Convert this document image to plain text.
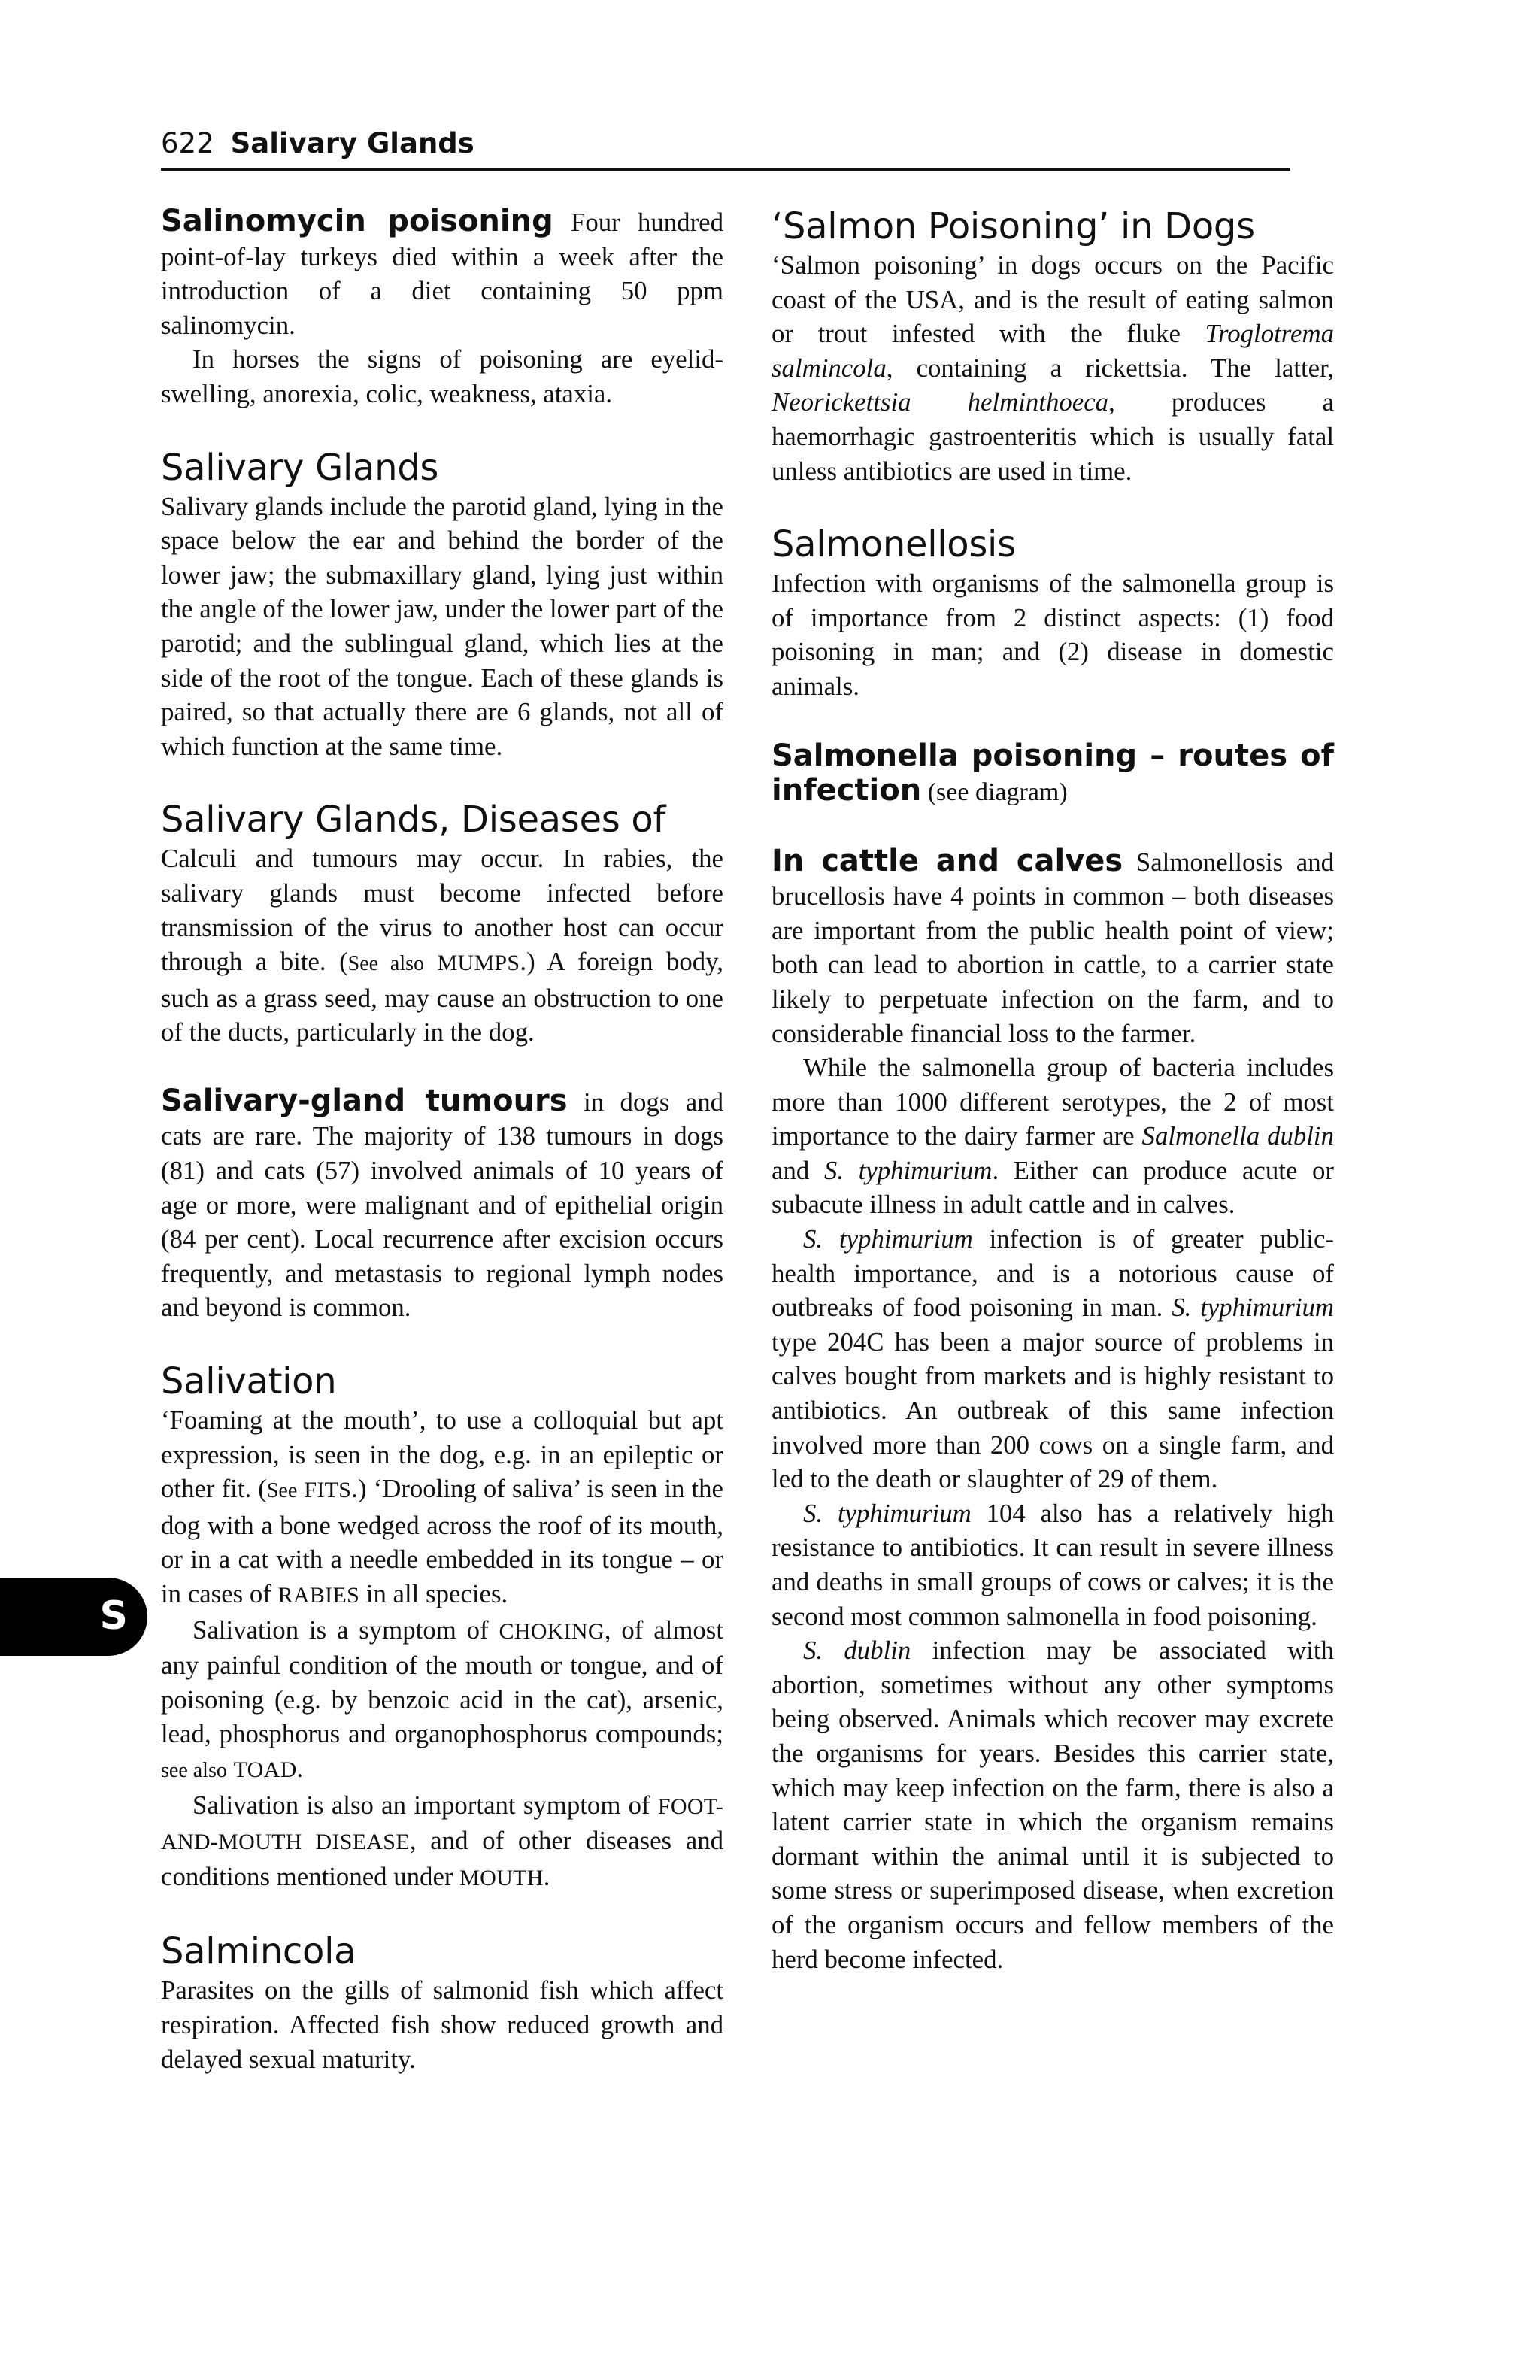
622 Salivary Glands
S

Salinomycin poisoning Four hundred point-of-lay turkeys died within a week after the introduction of a diet containing 50 ppm salinomycin.

In horses the signs of poisoning are eyelid-swelling, anorexia, colic, weakness, ataxia.

Salivary Glands

Salivary glands include the parotid gland, lying in the space below the ear and behind the border of the lower jaw; the submaxillary gland, lying just within the angle of the lower jaw, under the lower part of the parotid; and the sublingual gland, which lies at the side of the root of the tongue. Each of these glands is paired, so that actually there are 6 glands, not all of which function at the same time.

Salivary Glands, Diseases of

Calculi and tumours may occur. In rabies, the salivary glands must become infected before transmission of the virus to another host can occur through a bite. (See also MUMPS.) A foreign body, such as a grass seed, may cause an obstruction to one of the ducts, particularly in the dog.

Salivary-gland tumours in dogs and cats are rare. The majority of 138 tumours in dogs (81) and cats (57) involved animals of 10 years of age or more, were malignant and of epithelial origin (84 per cent). Local recurrence after excision occurs frequently, and metastasis to regional lymph nodes and beyond is common.

Salivation

‘Foaming at the mouth’, to use a colloquial but apt expression, is seen in the dog, e.g. in an epileptic or other fit. (See FITS.) ‘Drooling of saliva’ is seen in the dog with a bone wedged across the roof of its mouth, or in a cat with a needle embedded in its tongue – or in cases of RABIES in all species.

Salivation is a symptom of CHOKING, of almost any painful condition of the mouth or tongue, and of poisoning (e.g. by benzoic acid in the cat), arsenic, lead, phosphorus and organophosphorus compounds; see also TOAD.

Salivation is also an important symptom of FOOT-AND-MOUTH DISEASE, and of other diseases and conditions mentioned under MOUTH.

Salmincola

Parasites on the gills of salmonid fish which affect respiration. Affected fish show reduced growth and delayed sexual maturity.

‘Salmon Poisoning’ in Dogs

‘Salmon poisoning’ in dogs occurs on the Pacific coast of the USA, and is the result of eating salmon or trout infested with the fluke Troglotrema salmincola, containing a rickettsia. The latter, Neorickettsia helminthoeca, produces a haemorrhagic gastroenteritis which is usually fatal unless antibiotics are used in time.

Salmonellosis

Infection with organisms of the salmonella group is of importance from 2 distinct aspects: (1) food poisoning in man; and (2) disease in domestic animals.

Salmonella poisoning – routes of infection (see diagram)

In cattle and calves Salmonellosis and brucellosis have 4 points in common – both diseases are important from the public health point of view; both can lead to abortion in cattle, to a carrier state likely to perpetuate infection on the farm, and to considerable financial loss to the farmer.

While the salmonella group of bacteria includes more than 1000 different serotypes, the 2 of most importance to the dairy farmer are Salmonella dublin and S. typhimurium. Either can produce acute or subacute illness in adult cattle and in calves.

S. typhimurium infection is of greater public-health importance, and is a notorious cause of outbreaks of food poisoning in man. S. typhimurium type 204C has been a major source of problems in calves bought from markets and is highly resistant to antibiotics. An outbreak of this same infection involved more than 200 cows on a single farm, and led to the death or slaughter of 29 of them.

S. typhimurium 104 also has a relatively high resistance to antibiotics. It can result in severe illness and deaths in small groups of cows or calves; it is the second most common salmonella in food poisoning.

S. dublin infection may be associated with abortion, sometimes without any other symptoms being observed. Animals which recover may excrete the organisms for years. Besides this carrier state, which may keep infection on the farm, there is also a latent carrier state in which the organism remains dormant within the animal until it is subjected to some stress or superimposed disease, when excretion of the organism occurs and fellow members of the herd become infected.
